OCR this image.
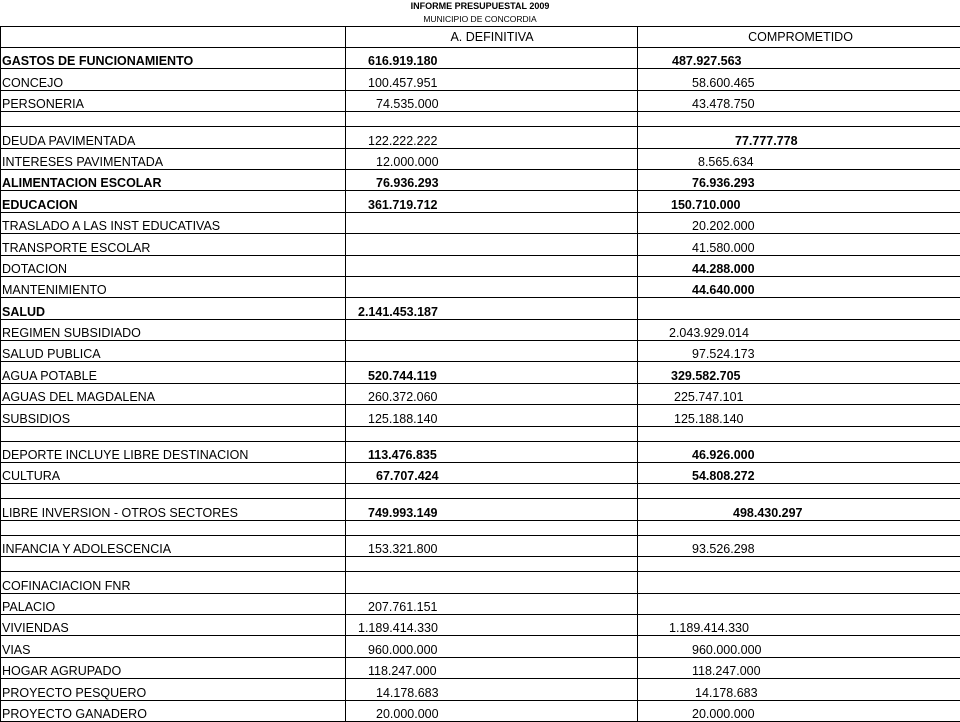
INFORME PRESUPUESTAL 2009
MUNICIPIO DE CONCORDIA
	A. DEFINITIVA	COMPROMETIDO
GASTOS DE FUNCIONAMIENTO	616.919.180	487.927.563
CONCEJO	100.457.951	58.600.465
PERSONERIA	74.535.000	43.478.750

DEUDA PAVIMENTADA	122.222.222	77.777.778
INTERESES PAVIMENTADA	12.000.000	8.565.634
ALIMENTACION ESCOLAR	76.936.293	76.936.293
EDUCACION	361.719.712	150.710.000
TRASLADO A LAS INST EDUCATIVAS		20.202.000
TRANSPORTE ESCOLAR		41.580.000
DOTACION		44.288.000
MANTENIMIENTO		44.640.000
SALUD	2.141.453.187	
REGIMEN SUBSIDIADO		2.043.929.014
SALUD PUBLICA		97.524.173
AGUA POTABLE	520.744.119	329.582.705
AGUAS DEL MAGDALENA	260.372.060	225.747.101
SUBSIDIOS	125.188.140	125.188.140

DEPORTE INCLUYE LIBRE DESTINACION	113.476.835	46.926.000
CULTURA	67.707.424	54.808.272

LIBRE INVERSION - OTROS SECTORES	749.993.149	498.430.297

INFANCIA Y ADOLESCENCIA	153.321.800	93.526.298

COFINACIACION FNR		
PALACIO	207.761.151	
VIVIENDAS	1.189.414.330	1.189.414.330
VIAS	960.000.000	960.000.000
HOGAR AGRUPADO	118.247.000	118.247.000
PROYECTO PESQUERO	14.178.683	14.178.683
PROYECTO GANADERO	20.000.000	20.000.000
